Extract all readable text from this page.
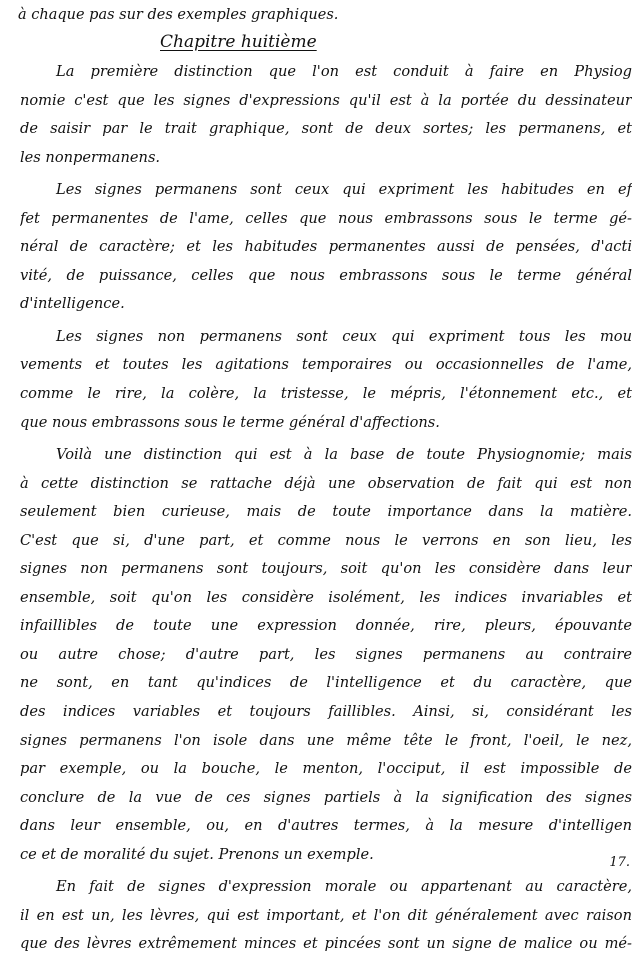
à chaque pas sur des exemples graphiques.
Chapitre huitième
La première distinction que l'on est conduit à faire en Physiog
nomie c'est que les signes d'expressions qu'il est à la portée du dessinateur
de saisir par le trait graphique, sont de deux sortes; les permanens, et
les nonpermanens.
Les signes permanens sont ceux qui expriment les habitudes en ef
fet permanentes de l'ame, celles que nous embrassons sous le terme gé-
néral de caractère; et les habitudes permanentes aussi de pensées, d'acti
vité, de puissance, celles que nous embrassons sous le terme général
d'intelligence.
Les signes non permanens sont ceux qui expriment tous les mou
vements et toutes les agitations temporaires ou occasionnelles de l'ame,
comme le rire, la colère, la tristesse, le mépris, l'étonnement etc., et
que nous embrassons sous le terme général d'affections.
Voilà une distinction qui est à la base de toute Physiognomie; mais
à cette distinction se rattache déjà une observation de fait qui est non
seulement bien curieuse, mais de toute importance dans la matière.
C'est que si, d'une part, et comme nous le verrons en son lieu, les
signes non permanens sont toujours, soit qu'on les considère dans leur
ensemble, soit qu'on les considère isolément, les indices invariables et
infaillibles de toute une expression donnée, rire, pleurs, épouvante
ou autre chose; d'autre part, les signes permanens au contraire
ne sont, en tant qu'indices de l'intelligence et du caractère, que
des indices variables et toujours faillibles. Ainsi, si, considérant les
signes permanens l'on isole dans une même tête le front, l'oeil, le nez,
par exemple, ou la bouche, le menton, l'occiput, il est impossible de
conclure de la vue de ces signes partiels à la signification des signes
dans leur ensemble, ou, en d'autres termes, à la mesure d'intelligen
ce et de moralité du sujet. Prenons un exemple.
En fait de signes d'expression morale ou appartenant au caractère,
il en est un, les lèvres, qui est important, et l'on dit généralement avec raison
que des lèvres extrêmement minces et pincées sont un signe de malice ou mé-
17.
